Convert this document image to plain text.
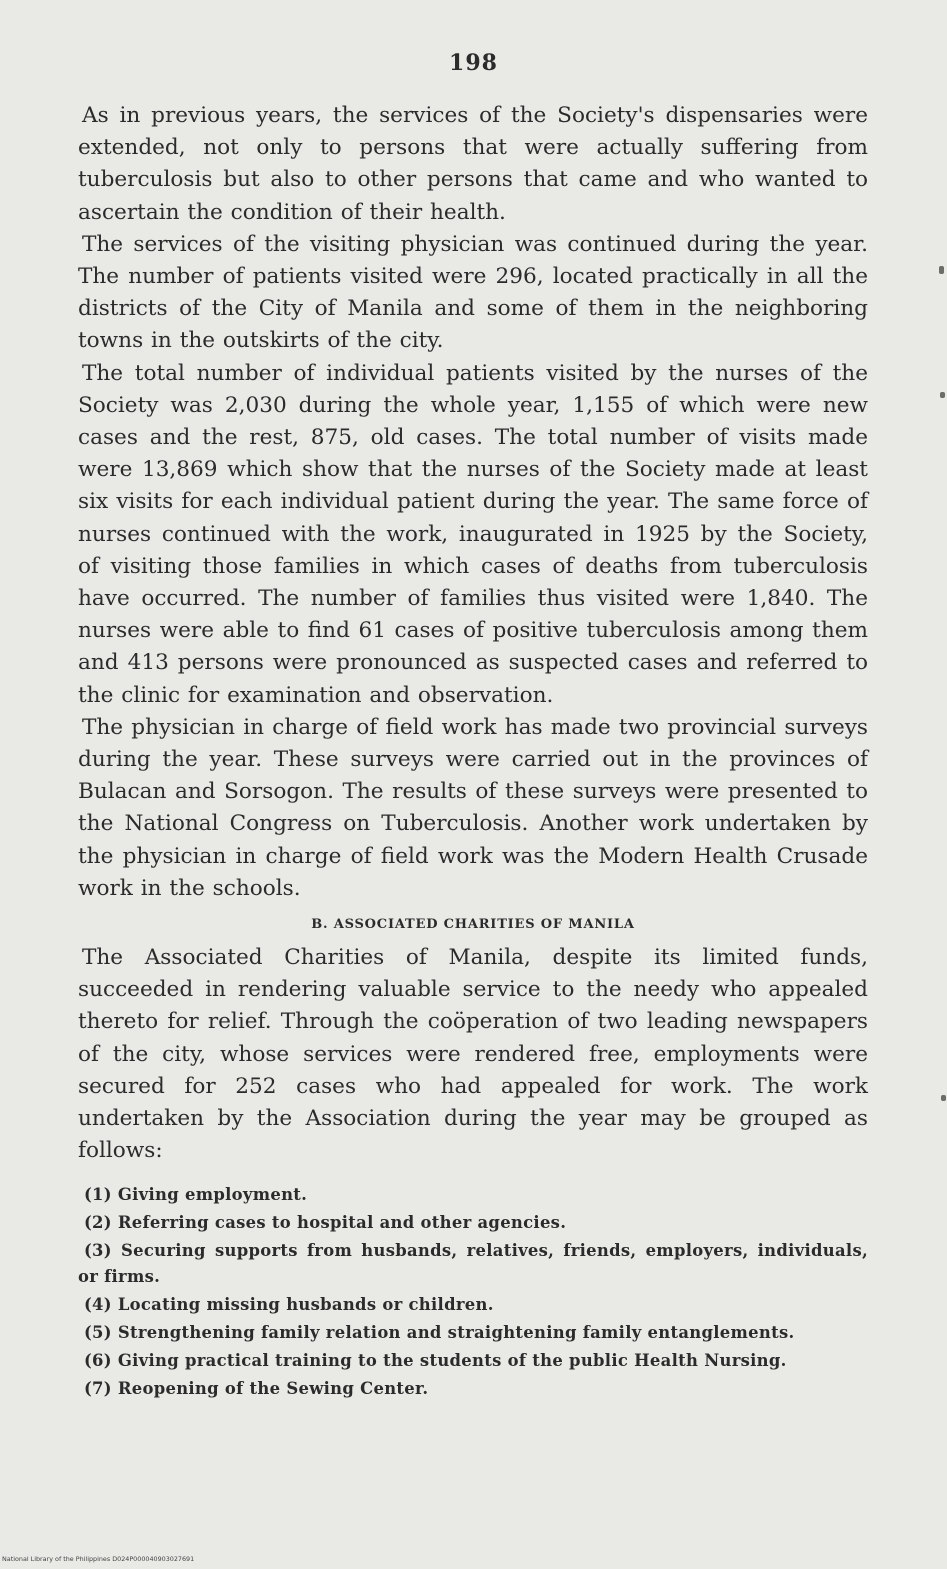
198

As in previous years, the services of the Society's dispensaries were extended, not only to persons that were actually suffering from tuberculosis but also to other persons that came and who wanted to ascertain the condition of their health.

The services of the visiting physician was continued during the year. The number of patients visited were 296, located practically in all the districts of the City of Manila and some of them in the neighboring towns in the outskirts of the city.

The total number of individual patients visited by the nurses of the Society was 2,030 during the whole year, 1,155 of which were new cases and the rest, 875, old cases. The total number of visits made were 13,869 which show that the nurses of the Society made at least six visits for each individual patient during the year. The same force of nurses continued with the work, inaugurated in 1925 by the Society, of visiting those families in which cases of deaths from tuberculosis have occurred. The number of families thus visited were 1,840. The nurses were able to find 61 cases of positive tuberculosis among them and 413 persons were pronounced as suspected cases and referred to the clinic for examination and observation.

The physician in charge of field work has made two provincial surveys during the year. These surveys were carried out in the provinces of Bulacan and Sorsogon. The results of these surveys were presented to the National Congress on Tuberculosis. Another work undertaken by the physician in charge of field work was the Modern Health Crusade work in the schools.

B. ASSOCIATED CHARITIES OF MANILA

The Associated Charities of Manila, despite its limited funds, succeeded in rendering valuable service to the needy who appealed thereto for relief. Through the coöperation of two leading newspapers of the city, whose services were rendered free, employments were secured for 252 cases who had appealed for work. The work undertaken by the Association during the year may be grouped as follows:

(1) Giving employment.
(2) Referring cases to hospital and other agencies.
(3) Securing supports from husbands, relatives, friends, employers, individuals, or firms.
(4) Locating missing husbands or children.
(5) Strengthening family relation and straightening family entanglements.
(6) Giving practical training to the students of the public Health Nursing.
(7) Reopening of the Sewing Center.
National Library of the Philippines D024P000040903027691
